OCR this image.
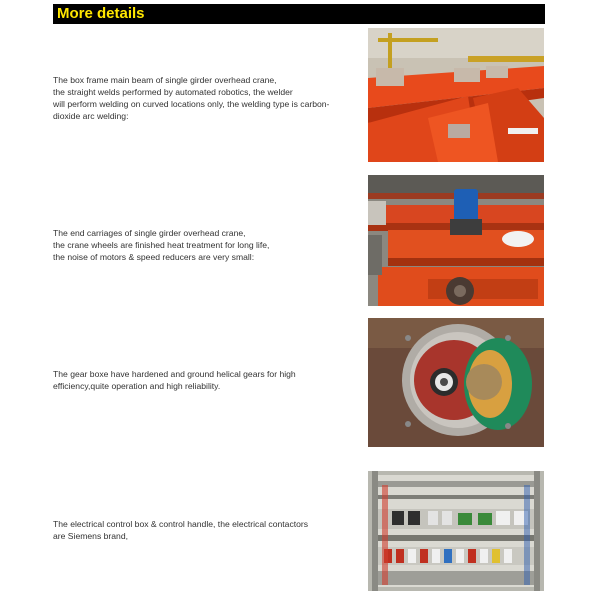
More details
The box frame main beam of single girder overhead crane,
the straight welds performed by automated robotics, the welder
will perform welding on curved locations only, the welding type is carbon-
dioxide arc welding:
The end carriages of single girder overhead crane,
the crane wheels are finished heat treatment for long life,
the noise of motors & speed reducers are very small:
The gear boxe have hardened and ground helical gears for high
efficiency,quite operation and high reliability.
The electrical control box & control handle, the electrical contactors
are Siemens brand,
